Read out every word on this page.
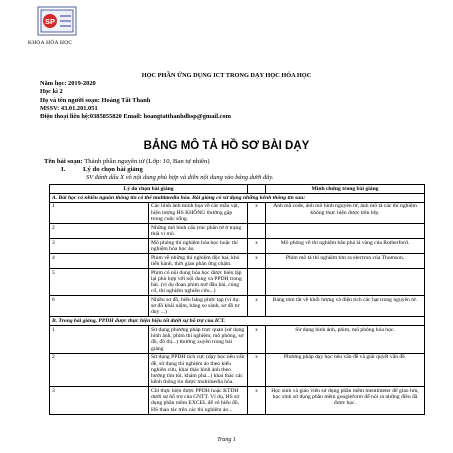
SP
KHOA HÓA HỌC
HỌC PHẦN ỨNG DỤNG ICT TRONG DẠY HỌC HÓA HỌC
Năm học: 2019-2020
Học kì 2
Họ và tên người soạn: Hoàng Tất Thanh
MSSV: 43.01.201.051
Điện thoại liên hệ:0385855820 Email: hoangtatthanhdhsp@gmail.com
BẢNG MÔ TẢ HỒ SƠ BÀI DẠY
Tên bài soạn: Thành phần nguyên tử (Lớp: 10, Ban tự nhiên)
I.	Lý do chọn bài giảng
SV đánh dấu X vô nội dung phù hợp và diễn nội dung vào bảng dưới đây.
Lý do chọn bài giảng			Minh chứng trong bài giảng
A. Bài học có nhiều nguồn thông tin có thể multimedia hóa. Bài giảng có sử dụng những kênh thông tin sau:			
1	Các hình ảnh minh họa về các mẫu vật, hiện tượng HS KHÔNG thường gặp trong cuộc sống.	x	Ảnh mã code, ảnh mô hình nguyên tử, ảnh mô tả các thí nghiệm không thực hiện được trên lớp.
2	Những mô hình cấu trúc phân tử ở trạng thái vi mô.		
3	Mô phỏng thí nghiệm hóa học hoặc thí nghiệm hóa học ảo.	x	Mô phỏng về thí nghiệm bắn phá lá vàng của Rutherford.
4	Phim về những thí nghiệm độc hại, khó tiến hành, thời gian phản ứng chậm.	x	Phim mô tả thí nghiệm tìm ra electron của Thomson.
5	Phim có nội dung hóa học được biên tập lại phù hợp với nội dung và PPDH trong bài. (ví dụ đoạn phim mở đầu bài, củng cố, thí nghiệm nghiên cứu...)		
6	Nhiều sơ đồ, biểu bảng phức tạp (ví dụ: sơ đồ khái niệm, bảng so sánh, sơ đồ tư duy ...)	x	Bảng tóm tắt về khối lượng và điện tích các hạt trong nguyên tử.
B. Trong bài giảng, PPDH được thực hiện hiệu tốt dưới sự hỗ trợ của ICT.			
1	Sử dụng phương pháp trực quan (sử dụng hình ảnh, phim thí nghiệm, mô phỏng, sơ đồ, đồ thị...) thường xuyên trong bài giảng	x	Sử dụng hình ảnh, phim, mô phỏng hóa học.
2	Sử dụng PPDH tích cực (dạy học nêu vấn đề, sử dụng thí nghiệm ảo theo kiểu nghiên cứu, khai thác hình ảnh theo hướng tìm tòi, khám phá...) khai thác các kênh thông tin được multimedia hóa.	x	Phương pháp dạy học nêu vấn đề và giải quyết vấn đề.
3	Chỉ thực hiện được PPDH hoặc KTDH dưới sự hỗ trợ của CNTT. Ví dụ, HS sử dụng phần mềm EXCEL để vẽ biểu đồ, HS thao tác trên các thí nghiệm ảo...	x	Học sinh và giáo viên sử dụng phần mềm mentimeter để giao lưu, học sinh sử dụng phần mềm googleform để nói ra những điều đã được học.
Trang 1
